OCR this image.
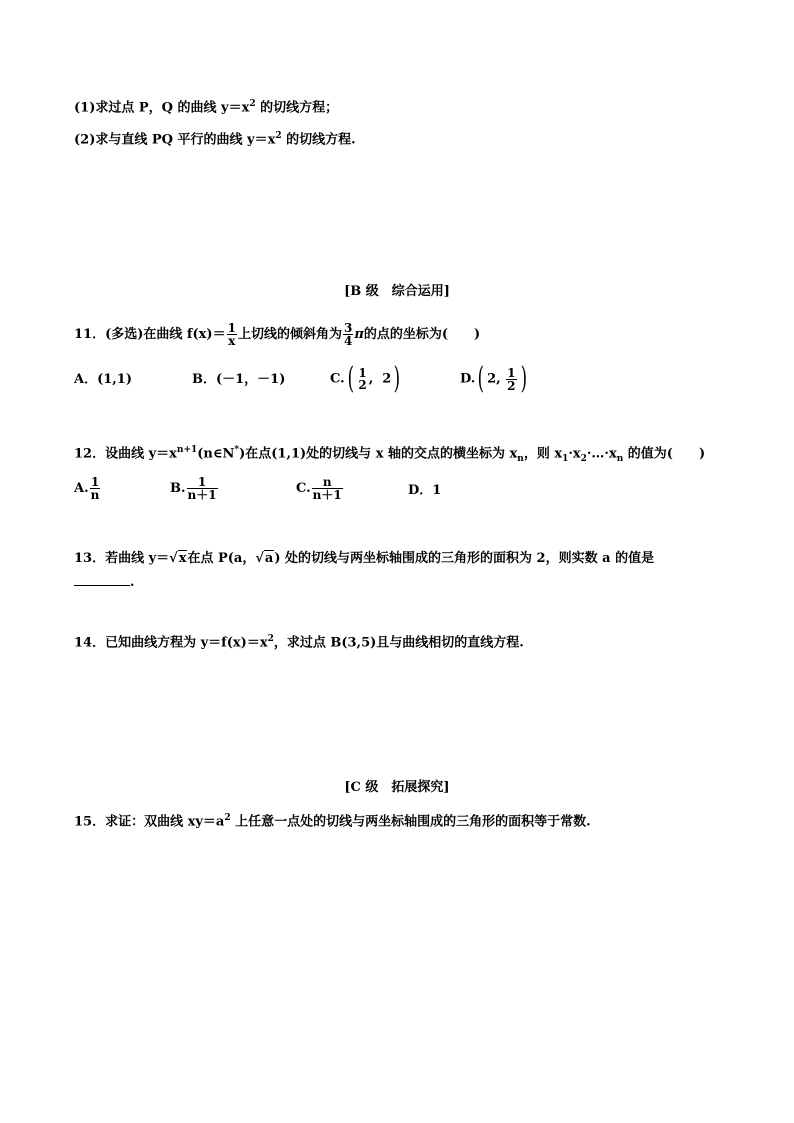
(1)求过点 P，Q 的曲线 $y=x^2$ 的切线方程；
(2)求与直线 PQ 平行的曲线 $y=x^2$ 的切线方程.
[B 级　综合运用]
11．(多选)在曲线 $f(x)= \frac{1}{x}$ 上切线的倾斜角为 $\frac{3}{4}$ π的点的坐标为(　　)
A．(1,1)	B．(－1，－1)	C.( 1
2 ,  2)	D.( 2, $\frac{1}{2}$ )
12．设曲线 $y=x^{n+1}(n\in N^*)$在点(1,1)处的切线与 x 轴的交点的横坐标为 $x_n$，则 $x_1\cdot x_2\cdot\dots\cdot x_n$ 的值为(　　)
A. $\frac{1}{n}$	B. $\frac{1}{n+1}$	C. $\frac{n}{n+1}$	D．1
13．若曲线 y＝√x在点 P(a，√a) 处的切线与两坐标轴围成的三角形的面积为 2，则实数 a 的值是
.
14．已知曲线方程为 $y=f(x)=x^2$，求过点 B(3,5)且与曲线相切的直线方程.
[C 级　拓展探究]
15．求证：双曲线 $xy=a^2$ 上任意一点处的切线与两坐标轴围成的三角形的面积等于常数.
